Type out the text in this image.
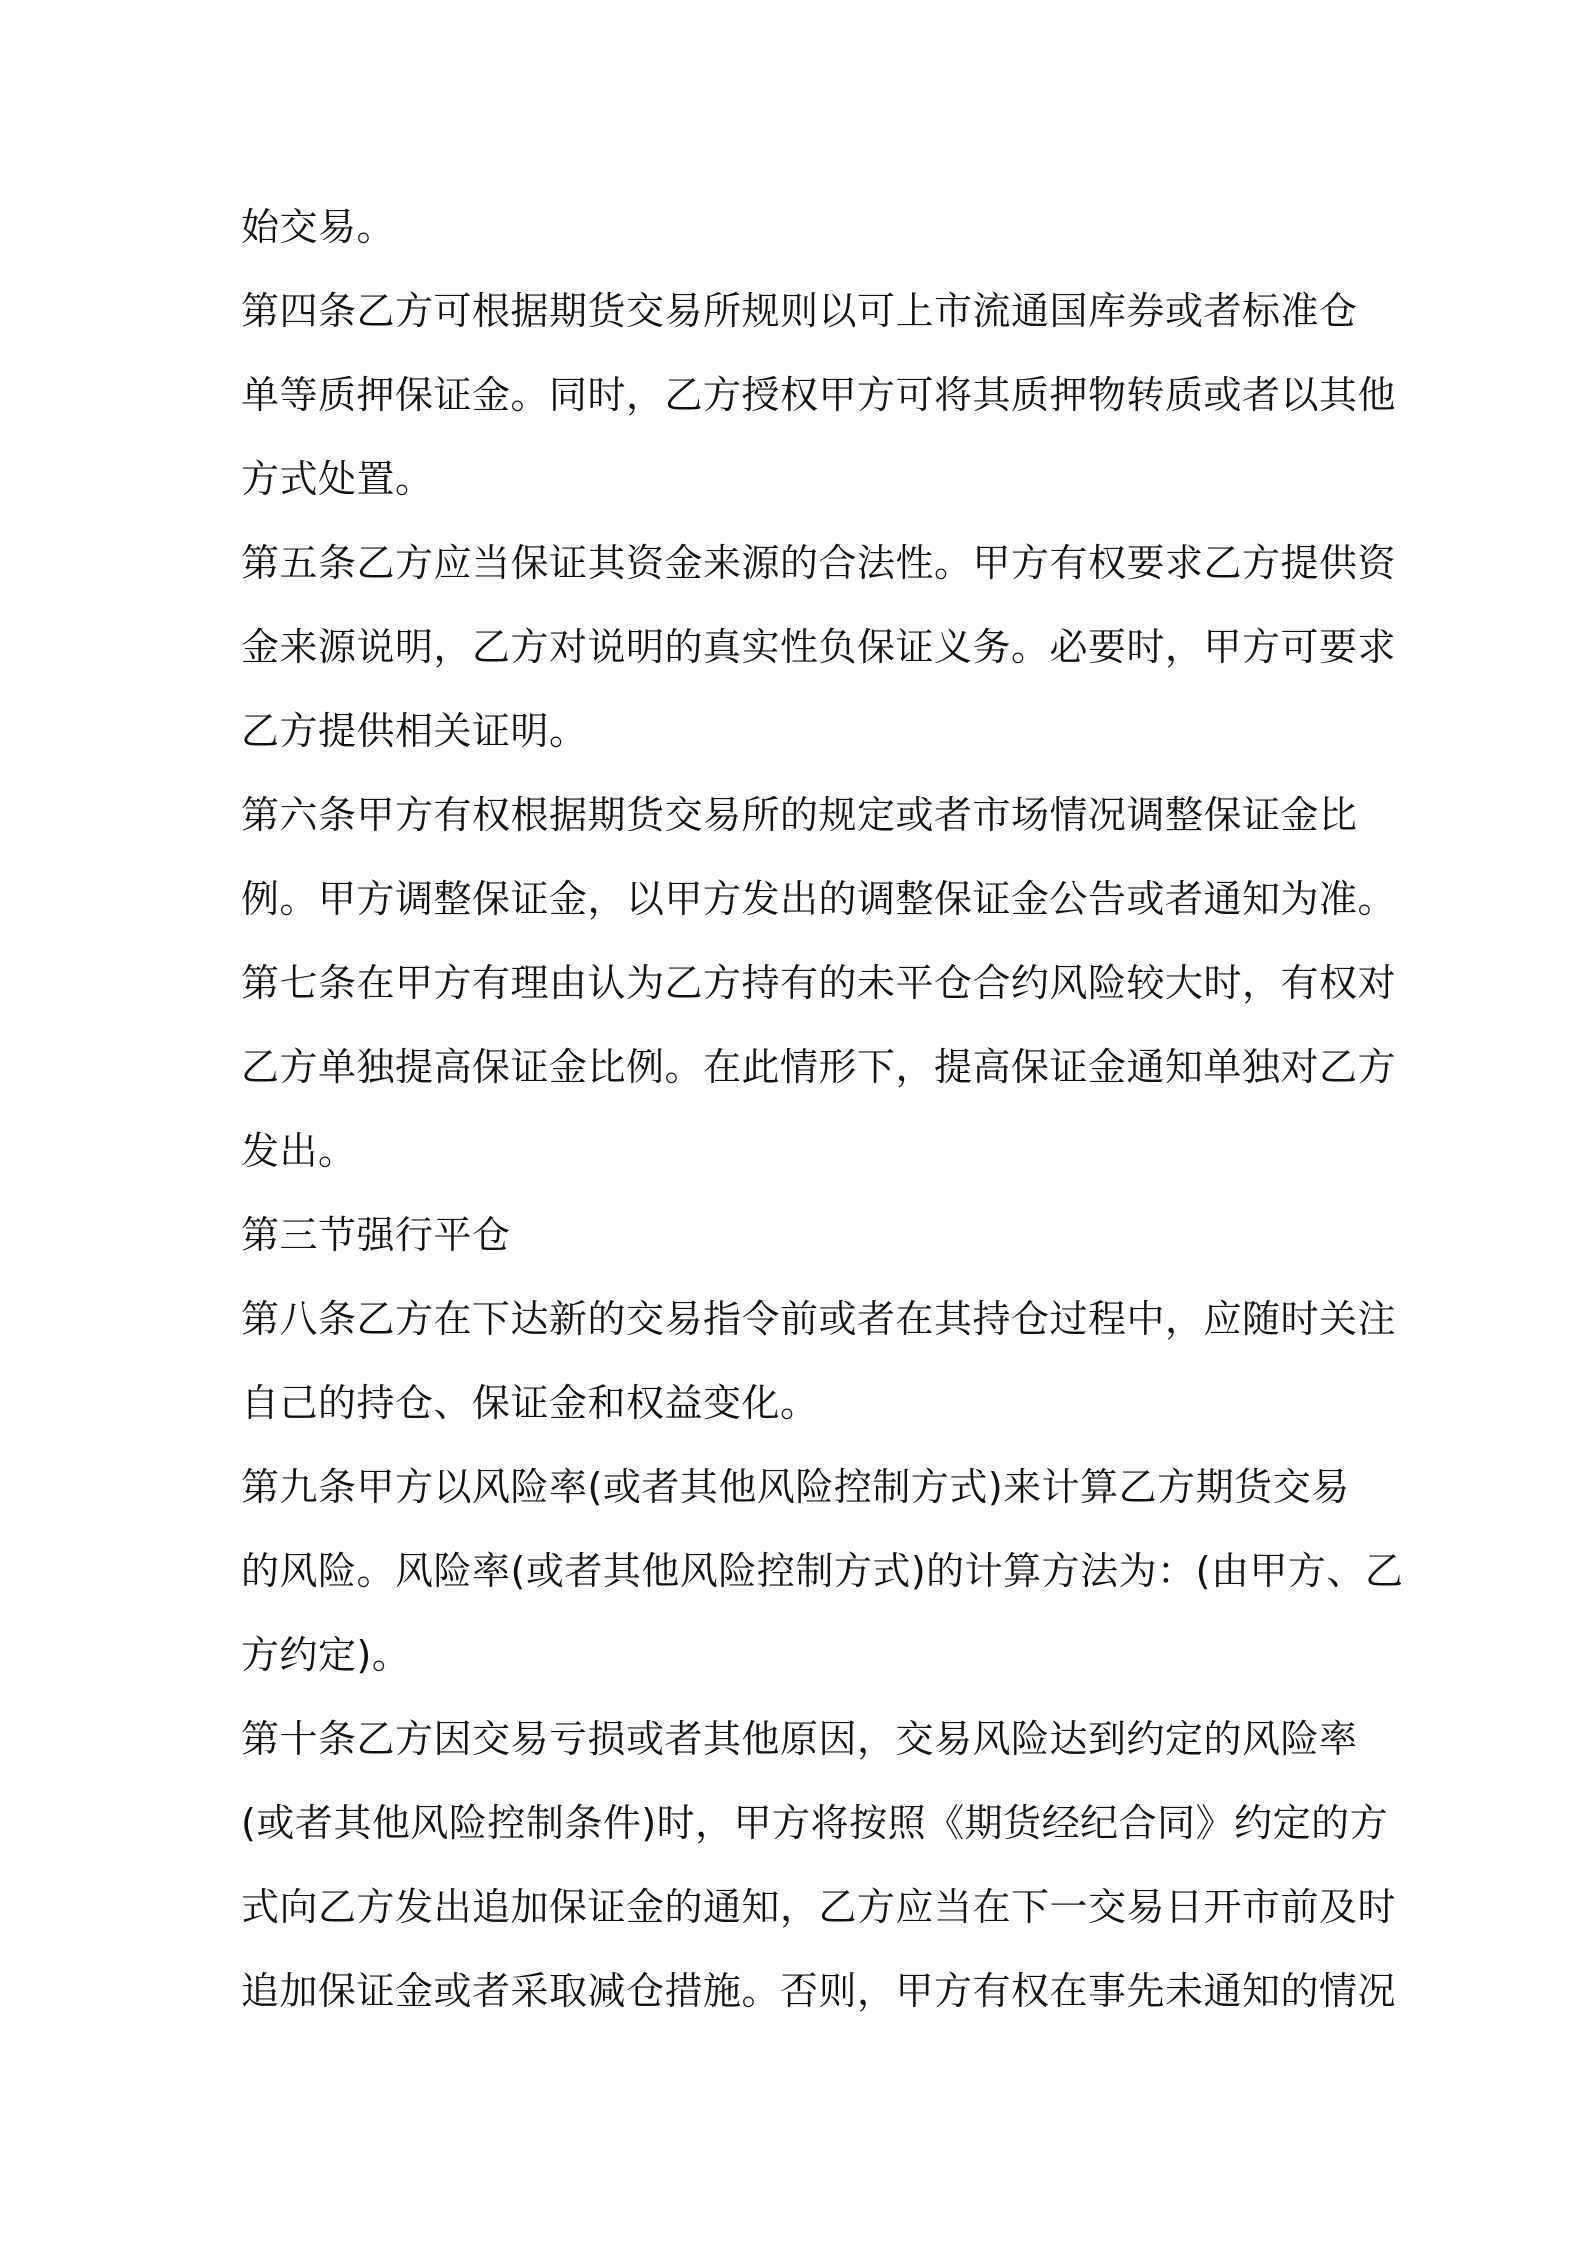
始交易。
第四条乙方可根据期货交易所规则以可上市流通国库券或者标准仓
单等质押保证金。同时，乙方授权甲方可将其质押物转质或者以其他
方式处置。
第五条乙方应当保证其资金来源的合法性。甲方有权要求乙方提供资
金来源说明，乙方对说明的真实性负保证义务。必要时，甲方可要求
乙方提供相关证明。
第六条甲方有权根据期货交易所的规定或者市场情况调整保证金比
例。甲方调整保证金，以甲方发出的调整保证金公告或者通知为准。
第七条在甲方有理由认为乙方持有的未平仓合约风险较大时，有权对
乙方单独提高保证金比例。在此情形下，提高保证金通知单独对乙方
发出。
第三节强行平仓
第八条乙方在下达新的交易指令前或者在其持仓过程中，应随时关注
自己的持仓、保证金和权益变化。
第九条甲方以风险率(或者其他风险控制方式)来计算乙方期货交易
的风险。风险率(或者其他风险控制方式)的计算方法为：(由甲方、乙
方约定)。
第十条乙方因交易亏损或者其他原因，交易风险达到约定的风险率
(或者其他风险控制条件)时，甲方将按照《期货经纪合同》约定的方
式向乙方发出追加保证金的通知，乙方应当在下一交易日开市前及时
追加保证金或者采取减仓措施。否则，甲方有权在事先未通知的情况
